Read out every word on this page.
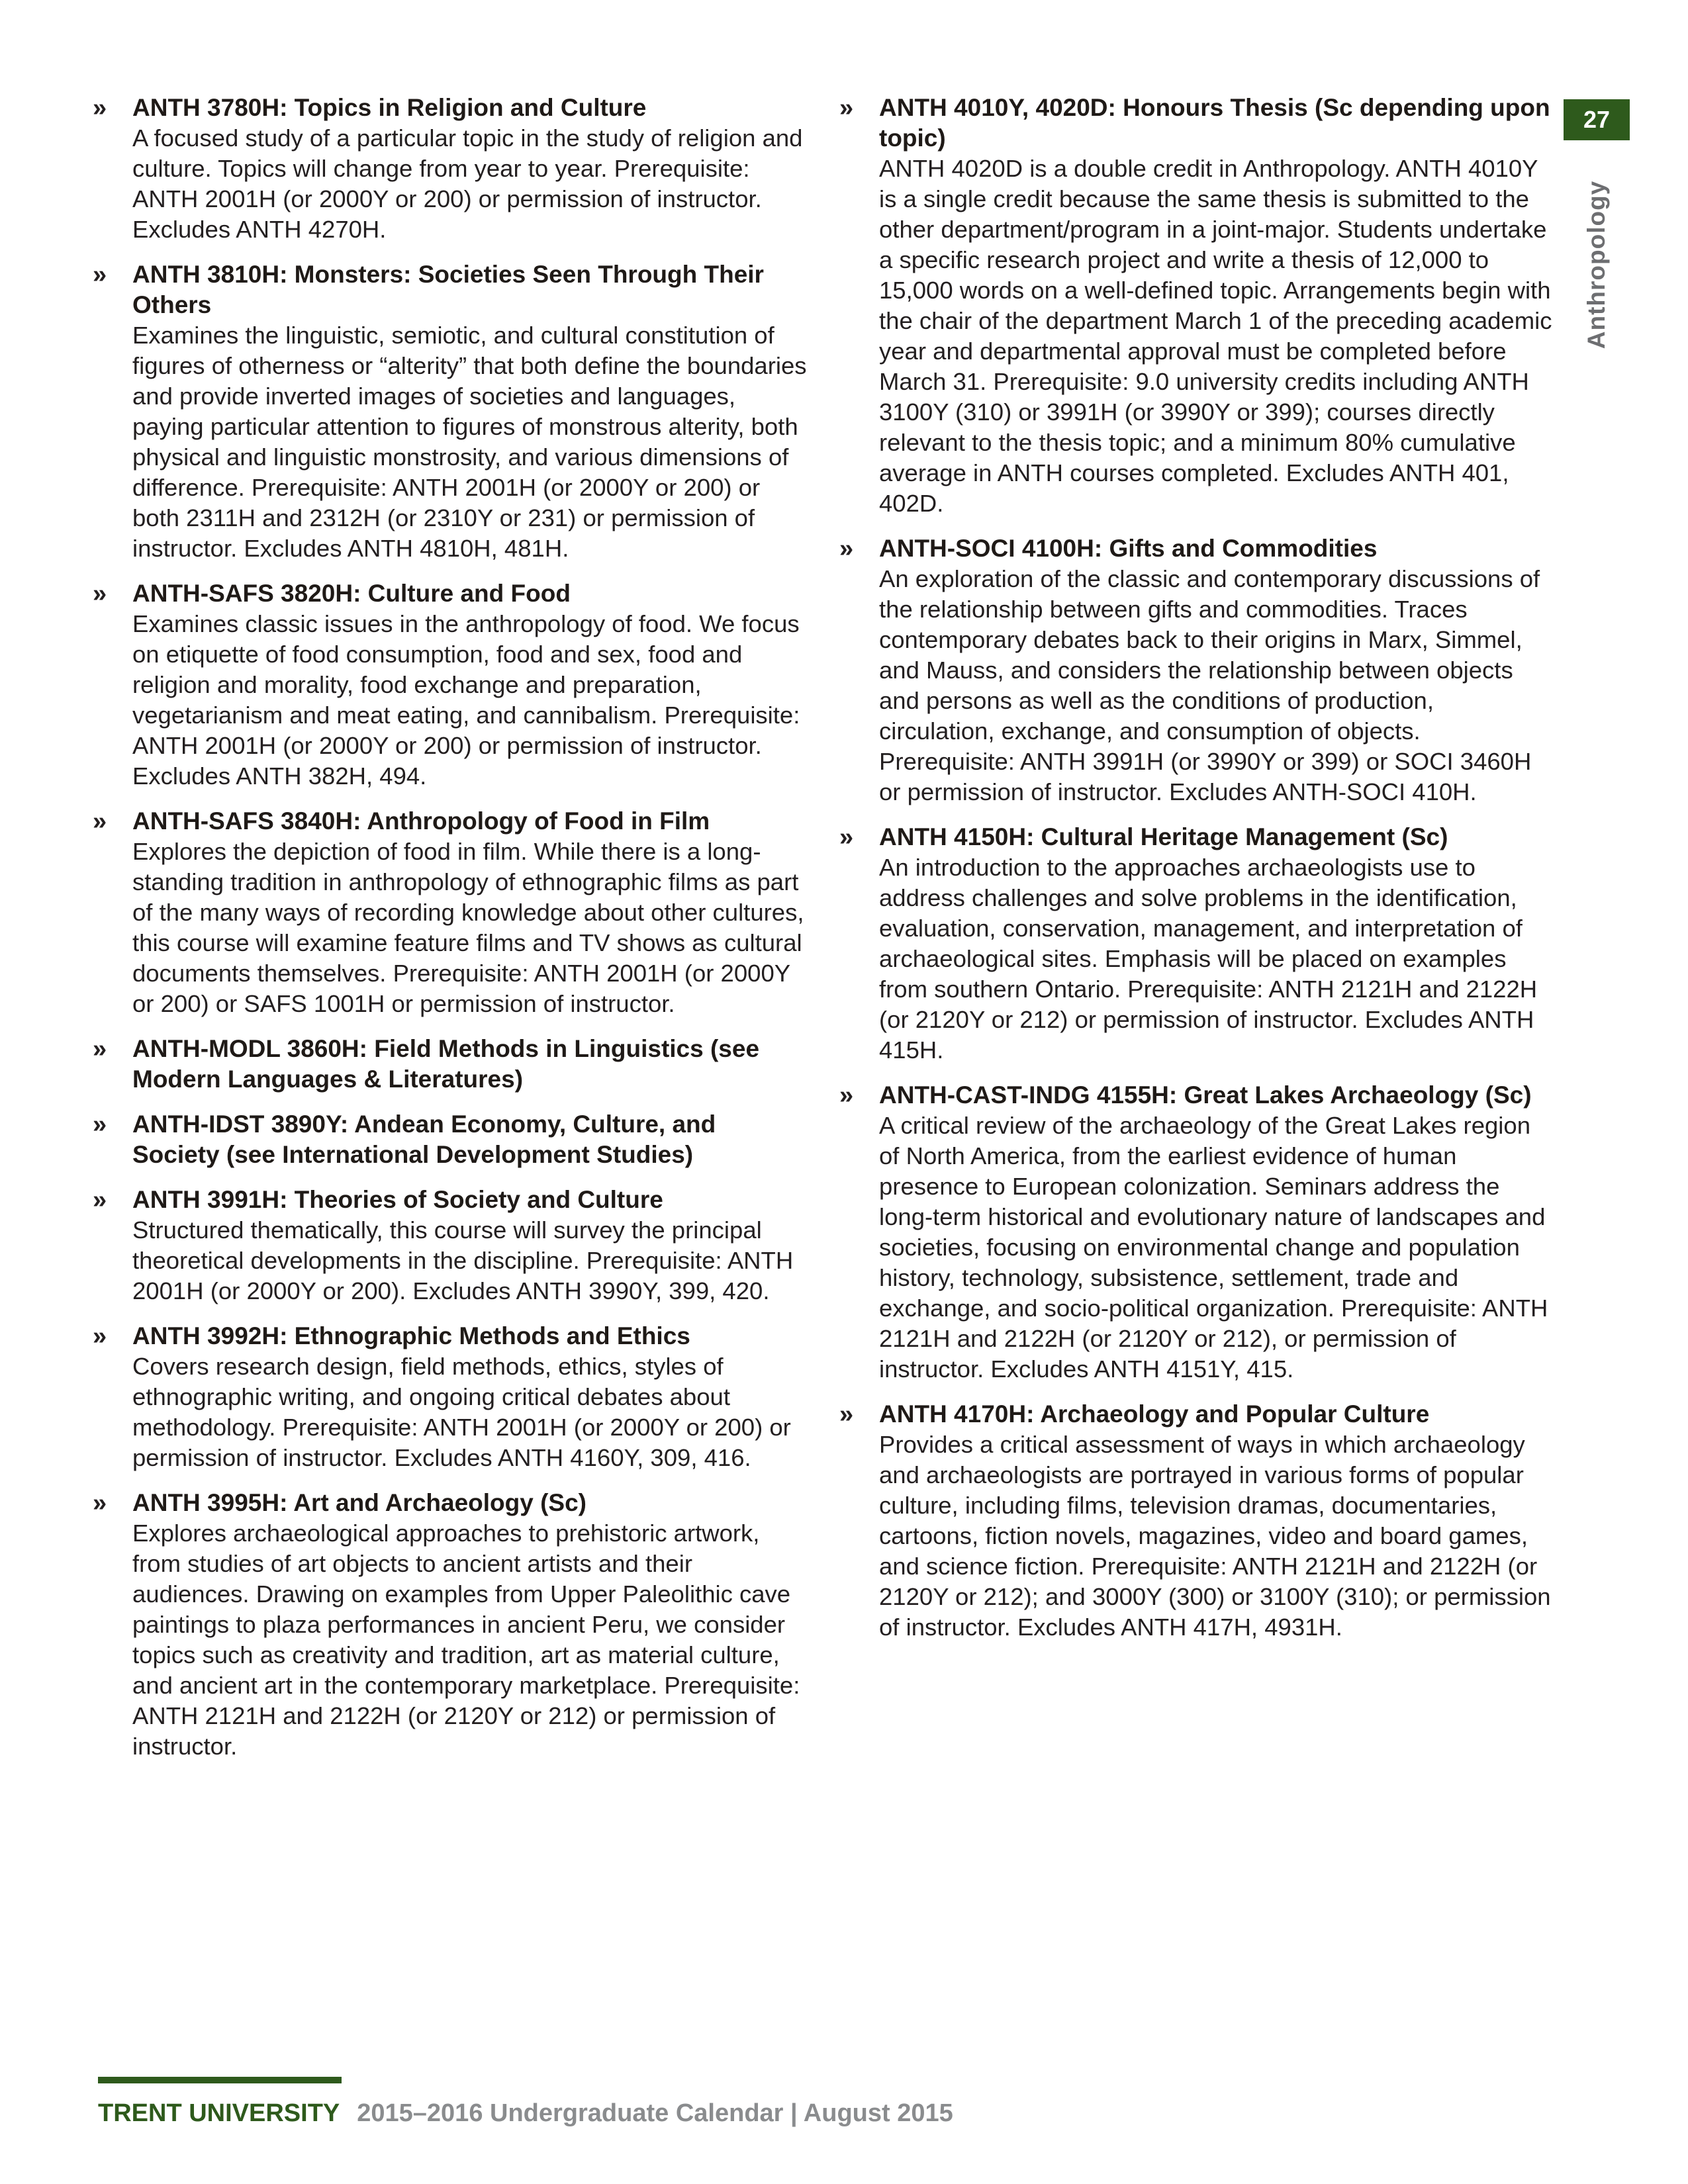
» ANTH 3780H: Topics in Religion and Culture
A focused study of a particular topic in the study of religion and culture. Topics will change from year to year. Prerequisite: ANTH 2001H (or 2000Y or 200) or permission of instructor. Excludes ANTH 4270H.
» ANTH 3810H: Monsters: Societies Seen Through Their Others
Examines the linguistic, semiotic, and cultural constitution of figures of otherness or “alterity” that both define the boundaries and provide inverted images of societies and languages, paying particular attention to figures of monstrous alterity, both physical and linguistic monstrosity, and various dimensions of difference. Prerequisite: ANTH 2001H (or 2000Y or 200) or both 2311H and 2312H (or 2310Y or 231) or permission of instructor. Excludes ANTH 4810H, 481H.
» ANTH-SAFS 3820H: Culture and Food
Examines classic issues in the anthropology of food. We focus on etiquette of food consumption, food and sex, food and religion and morality, food exchange and preparation, vegetarianism and meat eating, and cannibalism. Prerequisite: ANTH 2001H (or 2000Y or 200) or permission of instructor. Excludes ANTH 382H, 494.
» ANTH-SAFS 3840H: Anthropology of Food in Film
Explores the depiction of food in film. While there is a long-standing tradition in anthropology of ethnographic films as part of the many ways of recording knowledge about other cultures, this course will examine feature films and TV shows as cultural documents themselves. Prerequisite: ANTH 2001H (or 2000Y or 200) or SAFS 1001H or permission of instructor.
» ANTH-MODL 3860H: Field Methods in Linguistics (see Modern Languages & Literatures)
» ANTH-IDST 3890Y: Andean Economy, Culture, and Society (see International Development Studies)
» ANTH 3991H: Theories of Society and Culture
Structured thematically, this course will survey the principal theoretical developments in the discipline. Prerequisite: ANTH 2001H (or 2000Y or 200). Excludes ANTH 3990Y, 399, 420.
» ANTH 3992H: Ethnographic Methods and Ethics
Covers research design, field methods, ethics, styles of ethnographic writing, and ongoing critical debates about methodology. Prerequisite: ANTH 2001H (or 2000Y or 200) or permission of instructor. Excludes ANTH 4160Y, 309, 416.
» ANTH 3995H: Art and Archaeology (Sc)
Explores archaeological approaches to prehistoric artwork, from studies of art objects to ancient artists and their audiences. Drawing on examples from Upper Paleolithic cave paintings to plaza performances in ancient Peru, we consider topics such as creativity and tradition, art as material culture, and ancient art in the contemporary marketplace. Prerequisite: ANTH 2121H and 2122H (or 2120Y or 212) or permission of instructor.
» ANTH 4010Y, 4020D: Honours Thesis (Sc depending upon topic)
ANTH 4020D is a double credit in Anthropology. ANTH 4010Y is a single credit because the same thesis is submitted to the other department/program in a joint-major. Students undertake a specific research project and write a thesis of 12,000 to 15,000 words on a well-defined topic. Arrangements begin with the chair of the department March 1 of the preceding academic year and departmental approval must be completed before March 31. Prerequisite: 9.0 university credits including ANTH 3100Y (310) or 3991H (or 3990Y or 399); courses directly relevant to the thesis topic; and a minimum 80% cumulative average in ANTH courses completed. Excludes ANTH 401, 402D.
» ANTH-SOCI 4100H: Gifts and Commodities
An exploration of the classic and contemporary discussions of the relationship between gifts and commodities. Traces contemporary debates back to their origins in Marx, Simmel, and Mauss, and considers the relationship between objects and persons as well as the conditions of production, circulation, exchange, and consumption of objects. Prerequisite: ANTH 3991H (or 3990Y or 399) or SOCI 3460H or permission of instructor. Excludes ANTH-SOCI 410H.
» ANTH 4150H: Cultural Heritage Management (Sc)
An introduction to the approaches archaeologists use to address challenges and solve problems in the identification, evaluation, conservation, management, and interpretation of archaeological sites. Emphasis will be placed on examples from southern Ontario. Prerequisite: ANTH 2121H and 2122H (or 2120Y or 212) or permission of instructor. Excludes ANTH 415H.
» ANTH-CAST-INDG 4155H: Great Lakes Archaeology (Sc)
A critical review of the archaeology of the Great Lakes region of North America, from the earliest evidence of human presence to European colonization. Seminars address the long-term historical and evolutionary nature of landscapes and societies, focusing on environmental change and population history, technology, subsistence, settlement, trade and exchange, and socio-political organization. Prerequisite: ANTH 2121H and 2122H (or 2120Y or 212), or permission of instructor. Excludes ANTH 4151Y, 415.
» ANTH 4170H: Archaeology and Popular Culture
Provides a critical assessment of ways in which archaeology and archaeologists are portrayed in various forms of popular culture, including films, television dramas, documentaries, cartoons, fiction novels, magazines, video and board games, and science fiction. Prerequisite: ANTH 2121H and 2122H (or 2120Y or 212); and 3000Y (300) or 3100Y (310); or permission of instructor. Excludes ANTH 417H, 4931H.
27
Anthropology
TRENT UNIVERSITY 2015–2016 Undergraduate Calendar | August 2015
